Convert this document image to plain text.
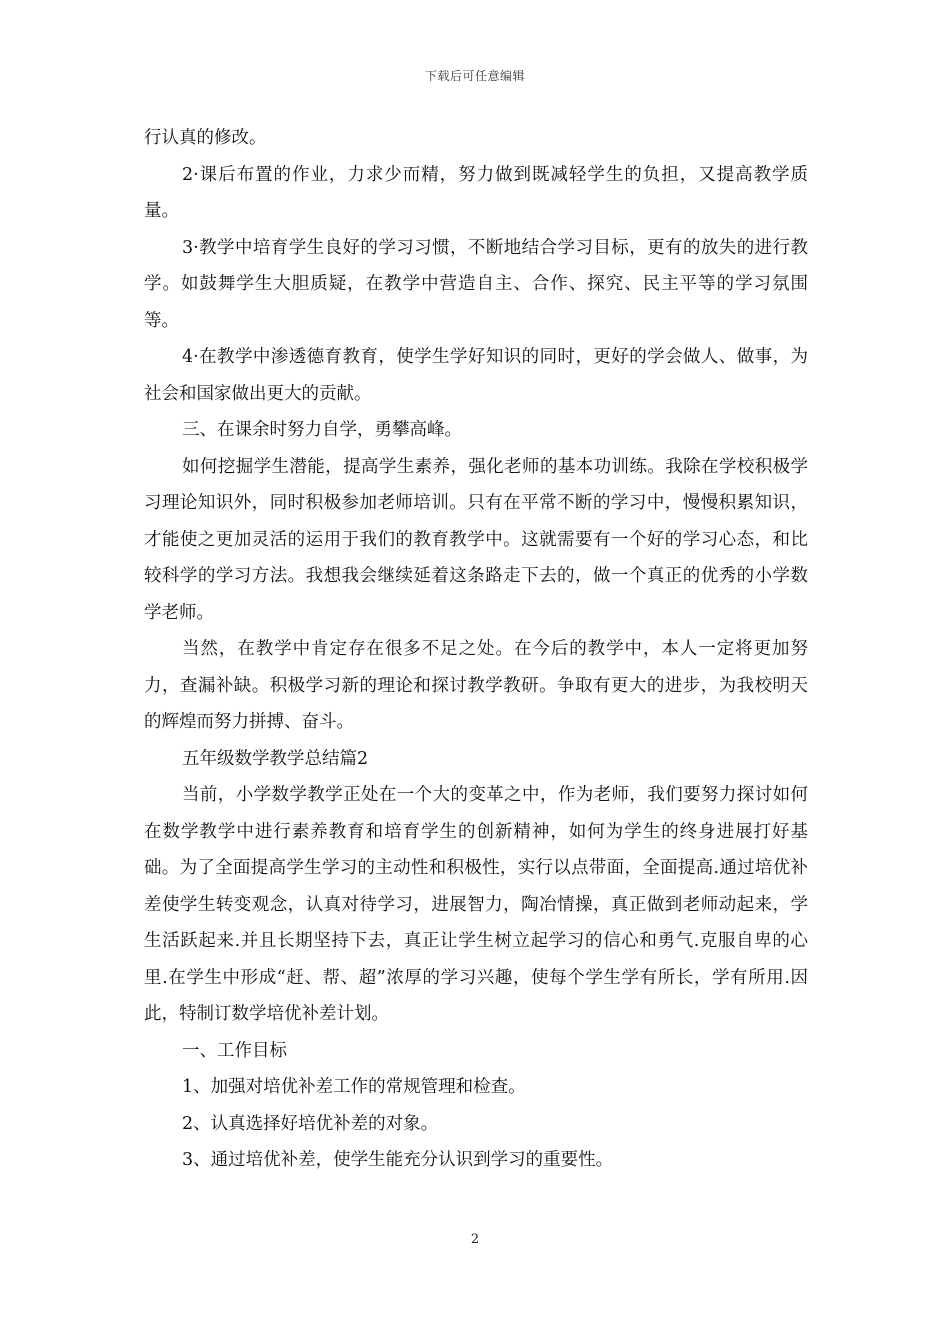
下载后可任意编辑

行认真的修改。

2·课后布置的作业，力求少而精，努力做到既减轻学生的负担，又提高教学质量。

3·教学中培育学生良好的学习习惯，不断地结合学习目标，更有的放失的进行教学。如鼓舞学生大胆质疑，在教学中营造自主、合作、探究、民主平等的学习氛围等。

4·在教学中渗透德育教育，使学生学好知识的同时，更好的学会做人、做事，为社会和国家做出更大的贡献。

三、在课余时努力自学，勇攀高峰。

如何挖掘学生潜能，提高学生素养，强化老师的基本功训练。我除在学校积极学习理论知识外，同时积极参加老师培训。只有在平常不断的学习中，慢慢积累知识，才能使之更加灵活的运用于我们的教育教学中。这就需要有一个好的学习心态，和比较科学的学习方法。我想我会继续延着这条路走下去的，做一个真正的优秀的小学数学老师。

当然，在教学中肯定存在很多不足之处。在今后的教学中，本人一定将更加努力，查漏补缺。积极学习新的理论和探讨教学教研。争取有更大的进步，为我校明天的辉煌而努力拼搏、奋斗。

五年级数学教学总结篇2

当前，小学数学教学正处在一个大的变革之中，作为老师，我们要努力探讨如何在数学教学中进行素养教育和培育学生的创新精神，如何为学生的终身进展打好基础。为了全面提高学生学习的主动性和积极性，实行以点带面，全面提高.通过培优补差使学生转变观念，认真对待学习，进展智力，陶冶情操，真正做到老师动起来，学生活跃起来.并且长期坚持下去，真正让学生树立起学习的信心和勇气.克服自卑的心里.在学生中形成“赶、帮、超”浓厚的学习兴趣，使每个学生学有所长，学有所用.因此，特制订数学培优补差计划。

一、工作目标

1、加强对培优补差工作的常规管理和检查。

2、认真选择好培优补差的对象。

3、通过培优补差，使学生能充分认识到学习的重要性。

2
